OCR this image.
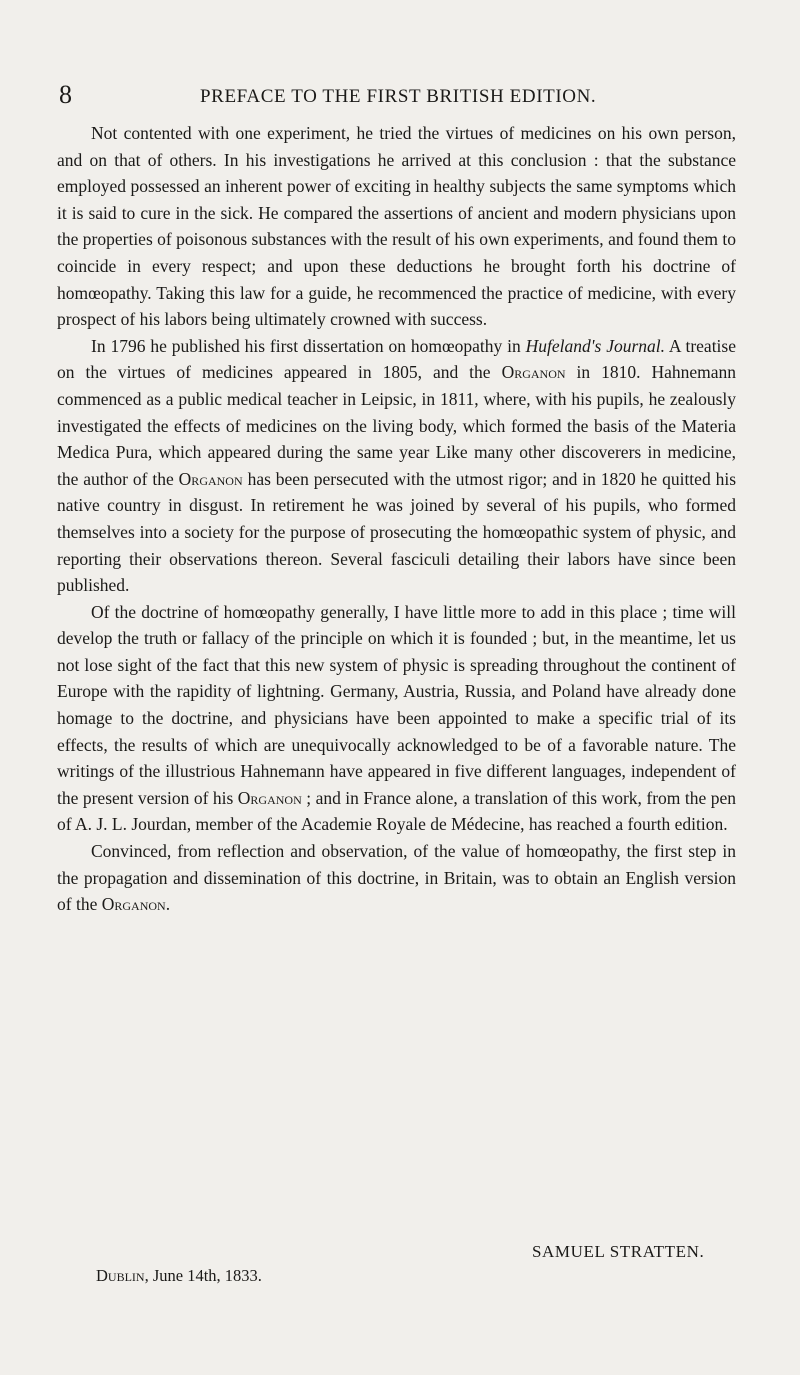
8	PREFACE TO THE FIRST BRITISH EDITION.

Not contented with one experiment, he tried the virtues of medicines on his own person, and on that of others. In his investigations he arrived at this conclusion : that the substance employed possessed an inherent power of exciting in healthy subjects the same symptoms which it is said to cure in the sick. He compared the assertions of ancient and modern physicians upon the properties of poisonous substances with the result of his own experiments, and found them to coincide in every respect; and upon these deductions he brought forth his doctrine of homœopathy. Taking this law for a guide, he recommenced the practice of medicine, with every prospect of his labors being ultimately crowned with success.

In 1796 he published his first dissertation on homœopathy in Hufeland's Journal. A treatise on the virtues of medicines appeared in 1805, and the Organon in 1810. Hahnemann commenced as a public medical teacher in Leipsic, in 1811, where, with his pupils, he zealously investigated the effects of medicines on the living body, which formed the basis of the Materia Medica Pura, which appeared during the same year Like many other discoverers in medicine, the author of the Organon has been persecuted with the utmost rigor; and in 1820 he quitted his native country in disgust. In retirement he was joined by several of his pupils, who formed themselves into a society for the purpose of prosecuting the homœopathic system of physic, and reporting their observations thereon. Several fasciculi detailing their labors have since been published.

Of the doctrine of homœopathy generally, I have little more to add in this place ; time will develop the truth or fallacy of the principle on which it is founded ; but, in the meantime, let us not lose sight of the fact that this new system of physic is spreading throughout the continent of Europe with the rapidity of lightning. Germany, Austria, Russia, and Poland have already done homage to the doctrine, and physicians have been appointed to make a specific trial of its effects, the results of which are unequivocally acknowledged to be of a favorable nature. The writings of the illustrious Hahnemann have appeared in five different languages, independent of the present version of his Organon ; and in France alone, a translation of this work, from the pen of A. J. L. Jourdan, member of the Academie Royale de Médecine, has reached a fourth edition.

Convinced, from reflection and observation, of the value of homœopathy, the first step in the propagation and dissemination of this doctrine, in Britain, was to obtain an English version of the Organon.

SAMUEL STRATTEN.
Dublin, June 14th, 1833.
